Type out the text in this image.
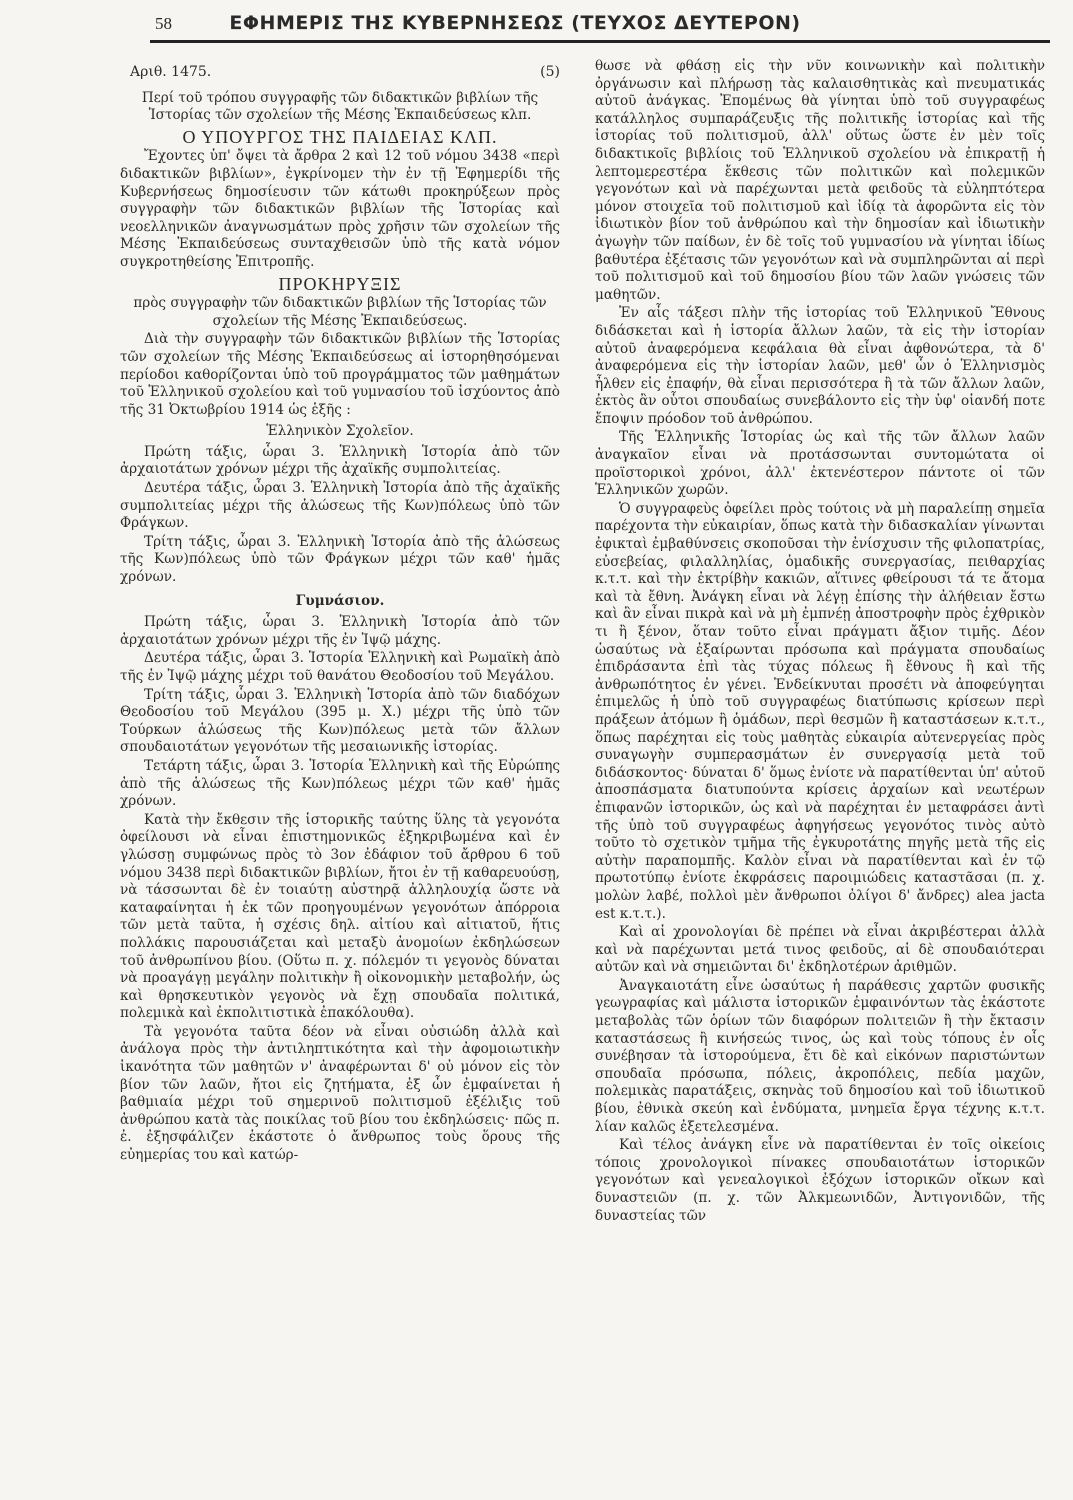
58	ΕΦΗΜΕΡΙΣ ΤΗΣ ΚΥΒΕΡΝΗΣΕΩΣ (ΤΕΥΧΟΣ ΔΕΥΤΕΡΟΝ)
Αριθ. 1475.	(5)

Περί τοῦ τρόπου συγγραφῆς τῶν διδακτικῶν βιβλίων τῆς Ἱστορίας τῶν σχολείων τῆς Μέσης Ἐκπαιδεύσεως κλπ.

Ο ΥΠΟΥΡΓΟΣ ΤΗΣ ΠΑΙΔΕΙΑΣ ΚΛΠ.

Ἔχοντες ὑπ' ὄψει τὰ ἄρθρα 2 καὶ 12 τοῦ νόμου 3438 «περὶ διδακτικῶν βιβλίων», ἐγκρίνομεν τὴν ἐν τῇ Ἐφημερίδι τῆς Κυβερνήσεως δημοσίευσιν τῶν κάτωθι προκηρύξεων πρὸς συγγραφὴν τῶν διδακτικῶν βιβλίων τῆς Ἱστορίας καὶ νεοελληνικῶν ἀναγνωσμάτων πρὸς χρῆσιν τῶν σχολείων τῆς Μέσης Ἐκπαιδεύσεως συνταχθεισῶν ὑπὸ τῆς κατὰ νόμον συγκροτηθείσης Ἐπιτροπῆς.

ΠΡΟΚΗΡΥΞΙΣ

πρὸς συγγραφὴν τῶν διδακτικῶν βιβλίων τῆς Ἱστορίας τῶν σχολείων τῆς Μέσης Ἐκπαιδεύσεως.

Διὰ τὴν συγγραφὴν τῶν διδακτικῶν βιβλίων τῆς Ἱστορίας τῶν σχολείων τῆς Μέσης Ἐκπαιδεύσεως αἱ ἱστορηθησόμεναι περίοδοι καθορίζονται ὑπὸ τοῦ προγράμματος τῶν μαθημάτων τοῦ Ἑλληνικοῦ σχολείου καὶ τοῦ γυμνασίου τοῦ ἰσχύοντος ἀπὸ τῆς 31 Ὀκτωβρίου 1914 ὡς ἑξῆς :

Ἑλληνικὸν Σχολεῖον.

Πρώτη τάξις, ὧραι 3. Ἑλληνικὴ Ἱστορία ἀπὸ τῶν ἀρχαιοτάτων χρόνων μέχρι τῆς ἀχαϊκῆς συμπολιτείας.

Δευτέρα τάξις, ὧραι 3. Ἑλληνικὴ Ἱστορία ἀπὸ τῆς ἀχαϊκῆς συμπολιτείας μέχρι τῆς ἁλώσεως τῆς Κων)πόλεως ὑπὸ τῶν Φράγκων.

Τρίτη τάξις, ὧραι 3. Ἑλληνικὴ Ἱστορία ἀπὸ τῆς ἁλώσεως τῆς Κων)πόλεως ὑπὸ τῶν Φράγκων μέχρι τῶν καθ' ἡμᾶς χρόνων.

Γυμνάσιον.

Πρώτη τάξις, ὧραι 3. Ἑλληνικὴ Ἱστορία ἀπὸ τῶν ἀρχαιοτάτων χρόνων μέχρι τῆς ἐν Ἰψῷ μάχης.

Δευτέρα τάξις, ὧραι 3. Ἱστορία Ἑλληνικὴ καὶ Ρωμαϊκὴ ἀπὸ τῆς ἐν Ἰψῷ μάχης μέχρι τοῦ θανάτου Θεοδοσίου τοῦ Μεγάλου.

Τρίτη τάξις, ὧραι 3. Ἑλληνικὴ Ἱστορία ἀπὸ τῶν διαδόχων Θεοδοσίου τοῦ Μεγάλου (395 μ. Χ.) μέχρι τῆς ὑπὸ τῶν Τούρκων ἁλώσεως τῆς Κων)πόλεως μετὰ τῶν ἄλλων σπουδαιοτάτων γεγονότων τῆς μεσαιωνικῆς ἱστορίας.

Τετάρτη τάξις, ὧραι 3. Ἱστορία Ἑλληνικὴ καὶ τῆς Εὐρώπης ἀπὸ τῆς ἁλώσεως τῆς Κων)πόλεως μέχρι τῶν καθ' ἡμᾶς χρόνων.

Κατὰ τὴν ἔκθεσιν τῆς ἱστορικῆς ταύτης ὕλης τὰ γεγονότα ὀφείλουσι νὰ εἶναι ἐπιστημονικῶς ἐξηκριβωμένα καὶ ἐν γλώσσῃ συμφώνως πρὸς τὸ 3ον ἐδάφιον τοῦ ἄρθρου 6 τοῦ νόμου 3438 περὶ διδακτικῶν βιβλίων, ἤτοι ἐν τῇ καθαρευούσῃ, νὰ τάσσωνται δὲ ἐν τοιαύτῃ αὐστηρᾷ ἀλληλουχίᾳ ὥστε νὰ καταφαίνηται ἡ ἐκ τῶν προηγουμένων γεγονότων ἀπόρροια τῶν μετὰ ταῦτα, ἡ σχέσις δηλ. αἰτίου καὶ αἰτιατοῦ, ἥτις πολλάκις παρουσιάζεται καὶ μεταξὺ ἀνομοίων ἐκδηλώσεων τοῦ ἀνθρωπίνου βίου. (Οὕτω π. χ. πόλεμόν τι γεγονὸς δύναται νὰ προαγάγῃ μεγάλην πολιτικὴν ἢ οἰκονομικὴν μεταβολήν, ὡς καὶ θρησκευτικὸν γεγονὸς νὰ ἔχῃ σπουδαῖα πολιτικά, πολεμικὰ καὶ ἐκπολιτιστικὰ ἐπακόλουθα).

Τὰ γεγονότα ταῦτα δέον νὰ εἶναι οὐσιώδη ἀλλὰ καὶ ἀνάλογα πρὸς τὴν ἀντιληπτικότητα καὶ τὴν ἀφομοιωτικὴν ἱκανότητα τῶν μαθητῶν ν' ἀναφέρωνται δ' οὐ μόνον εἰς τὸν βίον τῶν λαῶν, ἤτοι εἰς ζητήματα, ἐξ ὧν ἐμφαίνεται ἡ βαθμιαία μέχρι τοῦ σημερινοῦ πολιτισμοῦ ἐξέλιξις τοῦ ἀνθρώπου κατὰ τὰς ποικίλας τοῦ βίου του ἐκδηλώσεις· πῶς π. ἐ. ἐξησφάλιζεν ἑκάστοτε ὁ ἄνθρωπος τοὺς ὅρους τῆς εὐημερίας του καὶ κατώρ-

θωσε νὰ φθάσῃ εἰς τὴν νῦν κοινωνικὴν καὶ πολιτικὴν ὀργάνωσιν καὶ πλήρωσῃ τὰς καλαισθητικὰς καὶ πνευματικάς αὐτοῦ ἀνάγκας. Ἐπομένως θὰ γίνηται ὑπὸ τοῦ συγγραφέως κατάλληλος συμπαράζευξις τῆς πολιτικῆς ἱστορίας καὶ τῆς ἱστορίας τοῦ πολιτισμοῦ, ἀλλ' οὕτως ὥστε ἐν μὲν τοῖς διδακτικοῖς βιβλίοις τοῦ Ἑλληνικοῦ σχολείου νὰ ἐπικρατῇ ἡ λεπτομερεστέρα ἔκθεσις τῶν πολιτικῶν καὶ πολεμικῶν γεγονότων καὶ νὰ παρέχωνται μετὰ φειδοῦς τὰ εὐληπτότερα μόνον στοιχεῖα τοῦ πολιτισμοῦ καὶ ἰδίᾳ τὰ ἀφορῶντα εἰς τὸν ἰδιωτικὸν βίον τοῦ ἀνθρώπου καὶ τὴν δημοσίαν καὶ ἰδιωτικὴν ἀγωγὴν τῶν παίδων, ἐν δὲ τοῖς τοῦ γυμνασίου νὰ γίνηται ἰδίως βαθυτέρα ἐξέτασις τῶν γεγονότων καὶ νὰ συμπληρῶνται αἱ περὶ τοῦ πολιτισμοῦ καὶ τοῦ δημοσίου βίου τῶν λαῶν γνώσεις τῶν μαθητῶν.

Ἐν αἷς τάξεσι πλὴν τῆς ἱστορίας τοῦ Ἑλληνικοῦ Ἔθνους διδάσκεται καὶ ἡ ἱστορία ἄλλων λαῶν, τὰ εἰς τὴν ἱστορίαν αὐτοῦ ἀναφερόμενα κεφάλαια θὰ εἶναι ἀφθονώτερα, τὰ δ' ἀναφερόμενα εἰς τὴν ἱστορίαν λαῶν, μεθ' ὧν ὁ Ἑλληνισμὸς ἦλθεν εἰς ἐπαφήν, θὰ εἶναι περισσότερα ἢ τὰ τῶν ἄλλων λαῶν, ἐκτὸς ἂν οὗτοι σπουδαίως συνεβάλοντο εἰς τὴν ὑφ' οἱανδή ποτε ἔποψιν πρόοδον τοῦ ἀνθρώπου.

Τῆς Ἑλληνικῆς Ἱστορίας ὡς καὶ τῆς τῶν ἄλλων λαῶν ἀναγκαῖον εἶναι νὰ προτάσσωνται συντομώτατα οἱ προϊστορικοὶ χρόνοι, ἀλλ' ἐκτενέστερον πάντοτε οἱ τῶν Ἑλληνικῶν χωρῶν.

Ὁ συγγραφεὺς ὀφείλει πρὸς τούτοις νὰ μὴ παραλείπῃ σημεῖα παρέχοντα τὴν εὐκαιρίαν, ὅπως κατὰ τὴν διδασκαλίαν γίνωνται ἐφικταὶ ἐμβαθύνσεις σκοποῦσαι τὴν ἐνίσχυσιν τῆς φιλοπατρίας, εὐσεβείας, φιλαλληλίας, ὁμαδικῆς συνεργασίας, πειθαρχίας κ.τ.τ. καὶ τὴν ἐκτρίβὴν κακιῶν, αἵτινες φθείρουσι τά τε ἄτομα καὶ τὰ ἔθνη. Ἀνάγκη εἶναι νὰ λέγῃ ἐπίσης τὴν ἀλήθειαν ἔστω καὶ ἂν εἶναι πικρὰ καὶ νὰ μὴ ἐμπνέῃ ἀποστροφὴν πρὸς ἐχθρικὸν τι ἢ ξένον, ὅταν τοῦτο εἶναι πράγματι ἄξιον τιμῆς. Δέον ὡσαύτως νὰ ἐξαίρωνται πρόσωπα καὶ πράγματα σπουδαίως ἐπιδράσαντα ἐπὶ τὰς τύχας πόλεως ἢ ἔθνους ἢ καὶ τῆς ἀνθρωπότητος ἐν γένει. Ἐνδείκνυται προσέτι νὰ ἀποφεύγηται ἐπιμελῶς ἡ ὑπὸ τοῦ συγγραφέως διατύπωσις κρίσεων περὶ πράξεων ἀτόμων ἢ ὁμάδων, περὶ θεσμῶν ἢ καταστάσεων κ.τ.τ., ὅπως παρέχηται εἰς τοὺς μαθητὰς εὐκαιρία αὐτενεργείας πρὸς συναγωγὴν συμπερασμάτων ἐν συνεργασίᾳ μετὰ τοῦ διδάσκοντος· δύναται δ' ὅμως ἐνίοτε νὰ παρατίθενται ὑπ' αὐτοῦ ἀποσπάσματα διατυπούντα κρίσεις ἀρχαίων καὶ νεωτέρων ἐπιφανῶν ἱστορικῶν, ὡς καὶ νὰ παρέχηται ἐν μεταφράσει ἀντὶ τῆς ὑπὸ τοῦ συγγραφέως ἀφηγήσεως γεγονότος τινὸς αὐτὸ τοῦτο τὸ σχετικὸν τμῆμα τῆς ἐγκυροτάτης πηγῆς μετὰ τῆς εἰς αὐτὴν παραπομπῆς. Καλὸν εἶναι νὰ παρατίθενται καὶ ἐν τῷ πρωτοτύπῳ ἐνίοτε ἐκφράσεις παροιμιώδεις καταστᾶσαι (π. χ. μολὼν λαβέ, πολλοὶ μὲν ἄνθρωποι ὀλίγοι δ' ἄνδρες) alea jacta est κ.τ.τ.).

Καὶ αἱ χρονολογίαι δὲ πρέπει νὰ εἶναι ἀκριβέστεραι ἀλλὰ καὶ νὰ παρέχωνται μετά τινος φειδοῦς, αἱ δὲ σπουδαιότεραι αὐτῶν καὶ νὰ σημειῶνται δι' ἐκδηλοτέρων ἀριθμῶν.

Ἀναγκαιοτάτη εἶνε ὡσαύτως ἡ παράθεσις χαρτῶν φυσικῆς γεωγραφίας καὶ μάλιστα ἱστορικῶν ἐμφαινόντων τὰς ἑκάστοτε μεταβολὰς τῶν ὁρίων τῶν διαφόρων πολιτειῶν ἢ τὴν ἔκτασιν καταστάσεως ἢ κινήσεώς τινος, ὡς καὶ τοὺς τόπους ἐν οἷς συνέβησαν τὰ ἱστορούμενα, ἔτι δὲ καὶ εἰκόνων παριστώντων σπουδαῖα πρόσωπα, πόλεις, ἀκροπόλεις, πεδία μαχῶν, πολεμικὰς παρατάξεις, σκηνὰς τοῦ δημοσίου καὶ τοῦ ἰδιωτικοῦ βίου, ἐθνικὰ σκεύη καὶ ἐνδύματα, μνημεῖα ἔργα τέχνης κ.τ.τ. λίαν καλῶς ἐξετελεσμένα.

Καὶ τέλος ἀνάγκη εἶνε νὰ παρατίθενται ἐν τοῖς οἰκείοις τόποις χρονολογικοὶ πίνακες σπουδαιοτάτων ἱστορικῶν γεγονότων καὶ γενεαλογικοὶ ἐξόχων ἱστορικῶν οἴκων καὶ δυναστειῶν (π. χ. τῶν Ἀλκμεωνιδῶν, Ἀντιγονιδῶν, τῆς δυναστείας τῶν
